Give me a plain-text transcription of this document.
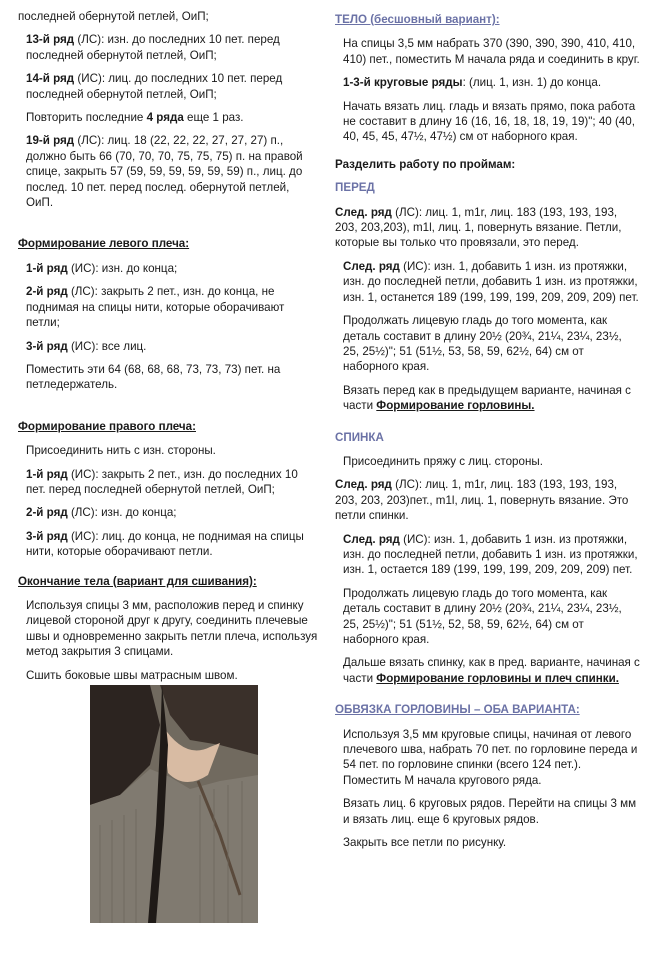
последней обернутой петлей, ОиП;

13-й ряд (ЛС): изн. до последних 10 пет. перед последней обернутой петлей, ОиП;

14-й ряд (ИС): лиц. до последних 10 пет. перед последней обернутой петлей, ОиП;

Повторить последние 4 ряда еще 1 раз.

19-й ряд (ЛС): лиц. 18 (22, 22, 22, 27, 27, 27) п., должно быть 66 (70, 70, 70, 75, 75, 75) п. на правой спице, закрыть 57 (59, 59, 59, 59, 59, 59) п., лиц. до послед. 10 пет. перед послед. обернутой петлей, ОиП.

Формирование левого плеча:

1-й ряд (ИС): изн. до конца;

2-й ряд (ЛС): закрыть 2 пет., изн. до конца, не поднимая на спицы нити, которые оборачивают петли;

3-й ряд (ИС): все лиц.

Поместить эти 64 (68, 68, 68, 73, 73, 73) пет. на петледержатель.

Формирование правого плеча:

Присоединить нить с изн. стороны.

1-й ряд (ИС): закрыть 2 пет., изн. до последних 10 пет. перед последней обернутой петлей, ОиП;

2-й ряд (ЛС): изн. до конца;

3-й ряд (ИС): лиц. до конца, не поднимая на спицы нити, которые оборачивают петли.

Окончание тела (вариант для сшивания):

Используя спицы 3 мм, расположив перед и спинку лицевой стороной друг к другу, соединить плечевые швы и одновременно закрыть петли плеча, используя метод закрытия 3 спицами.

Сшить боковые швы матрасным швом.

ТЕЛО (бесшовный вариант):

На спицы 3,5 мм набрать 370 (390, 390, 390, 410, 410, 410) пет., поместить М начала ряда и соединить в круг.

1-3-й круговые ряды: (лиц. 1, изн. 1) до конца.

Начать вязать лиц. гладь и вязать прямо, пока работа не составит в длину 16 (16, 16, 18, 18, 19, 19)"; 40 (40, 40, 45, 45, 47½, 47½) см от наборного края.

Разделить работу по проймам:
ПЕРЕД

След. ряд (ЛС): лиц. 1, m1r, лиц. 183 (193, 193, 193, 203, 203,203), m1l, лиц. 1, повернуть вязание. Петли, которые вы только что провязали, это перед.

След. ряд (ИС): изн. 1, добавить 1 изн. из протяжки, изн. до последней петли, добавить 1 изн. из протяжки, изн. 1, останется 189 (199, 199, 199, 209, 209, 209) пет.

Продолжать лицевую гладь до того момента, как деталь составит в длину 20½ (20¾, 21¼, 23¼, 23½, 25, 25½)"; 51 (51½, 53, 58, 59, 62½, 64) см от наборного края.

Вязать перед как в предыдущем варианте, начиная с части Формирование горловины.

СПИНКА

Присоединить пряжу с лиц. стороны.

След. ряд (ЛС): лиц. 1, m1r, лиц. 183 (193, 193, 193, 203, 203, 203)пет., m1l, лиц. 1, повернуть вязание. Это петли спинки.

След. ряд (ИС): изн. 1, добавить 1 изн. из протяжки, изн. до последней петли, добавить 1 изн. из протяжки, изн. 1, остается 189 (199, 199, 199, 209, 209, 209) пет.

Продолжать лицевую гладь до того момента, как деталь составит в длину 20½ (20¾, 21¼, 23¼, 23½, 25, 25½)"; 51 (51½, 52, 58, 59, 62½, 64) см от наборного края.

Дальше вязать спинку, как в пред. варианте, начиная с части Формирование горловины и плеч спинки.

ОБВЯЗКА ГОРЛОВИНЫ – ОБА ВАРИАНТА:

Используя 3,5 мм круговые спицы, начиная от левого плечевого шва, набрать 70 пет. по горловине переда и 54 пет. по горловине спинки (всего 124 пет.). Поместить М начала кругового ряда.

Вязать лиц. 6 круговых рядов. Перейти на спицы 3 мм и вязать лиц. еще 6 круговых рядов.

Закрыть все петли по рисунку.
